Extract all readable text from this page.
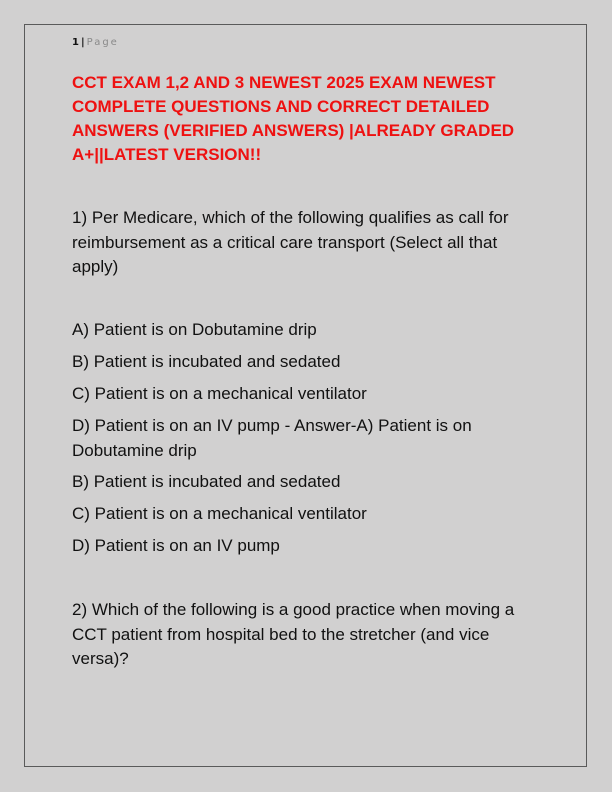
1 | Page

CCT EXAM 1,2 AND 3 NEWEST 2025 EXAM NEWEST COMPLETE QUESTIONS AND CORRECT DETAILED ANSWERS (VERIFIED ANSWERS) |ALREADY GRADED A+||LATEST VERSION!!

1) Per Medicare, which of the following qualifies as call for reimbursement as a critical care transport (Select all that apply)

A) Patient is on Dobutamine drip

B) Patient is incubated and sedated

C) Patient is on a mechanical ventilator

D) Patient is on an IV pump - Answer-A) Patient is on Dobutamine drip

B) Patient is incubated and sedated

C) Patient is on a mechanical ventilator

D) Patient is on an IV pump

2) Which of the following is a good practice when moving a CCT patient from hospital bed to the stretcher (and vice versa)?
